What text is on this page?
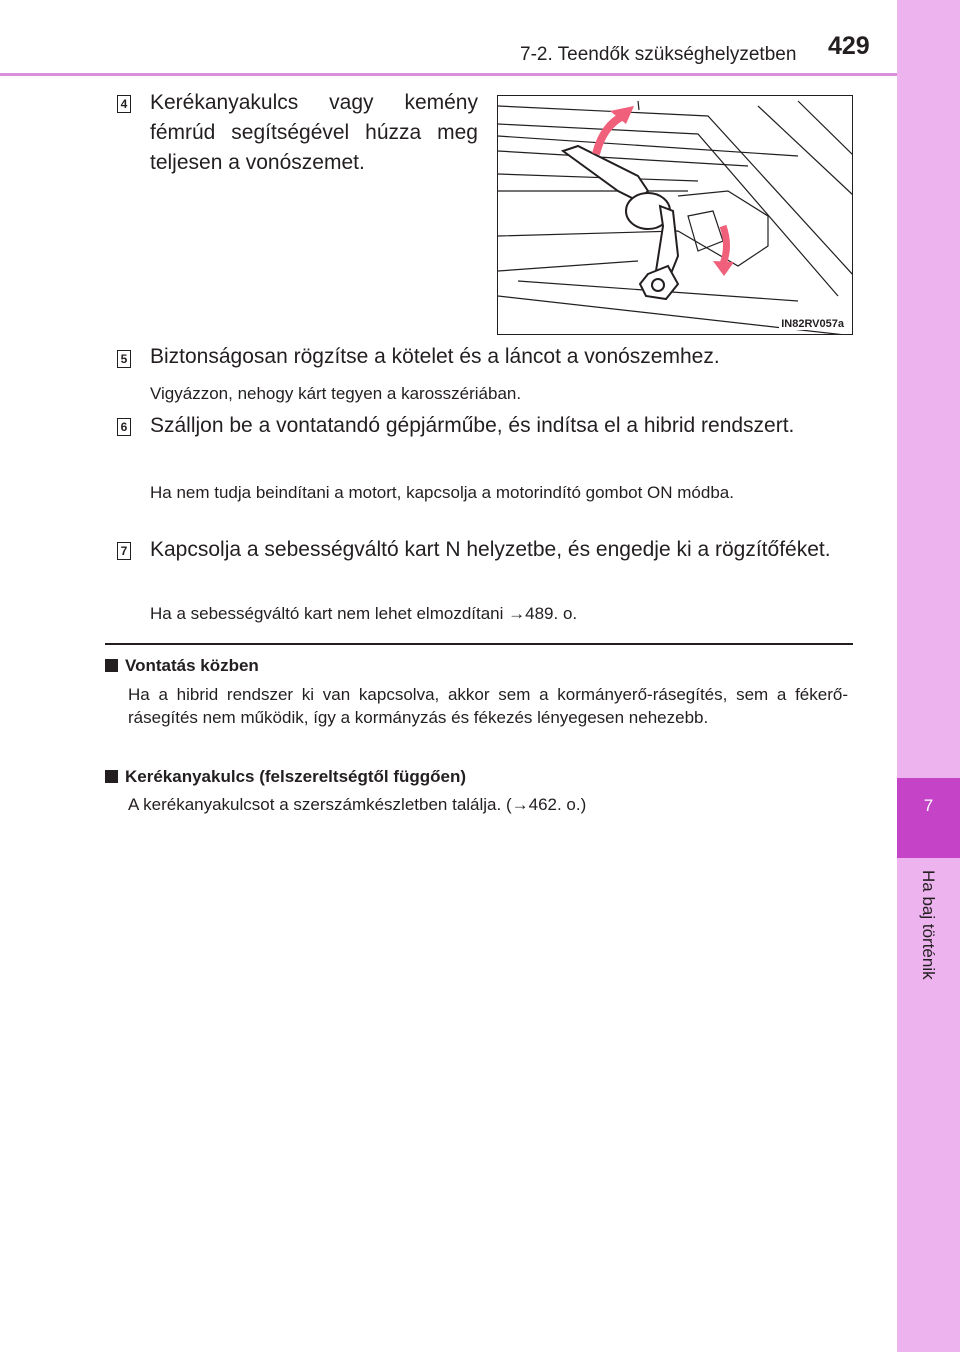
7
Ha baj történik
7-2. Teendők szükséghelyzetben 429
4 Kerékanyakulcs vagy kemény fémrúd segítségével húzza meg teljesen a vonószemet.
IN82RV057a
5 Biztonságosan rögzítse a kötelet és a láncot a vonószemhez.
Vigyázzon, nehogy kárt tegyen a karosszériában.
6 Szálljon be a vontatandó gépjárműbe, és indítsa el a hibrid rendszert.
Ha nem tudja beindítani a motort, kapcsolja a motorindító gombot ON módba.
7 Kapcsolja a sebességváltó kart N helyzetbe, és engedje ki a rögzítőféket.
Ha a sebességváltó kart nem lehet elmozdítani →489. o.
Vontatás közben
Ha a hibrid rendszer ki van kapcsolva, akkor sem a kormányerő-rásegítés, sem a fékerő-rásegítés nem működik, így a kormányzás és fékezés lényegesen nehezebb.
Kerékanyakulcs (felszereltségtől függően)
A kerékanyakulcsot a szerszámkészletben találja. (→462. o.)
